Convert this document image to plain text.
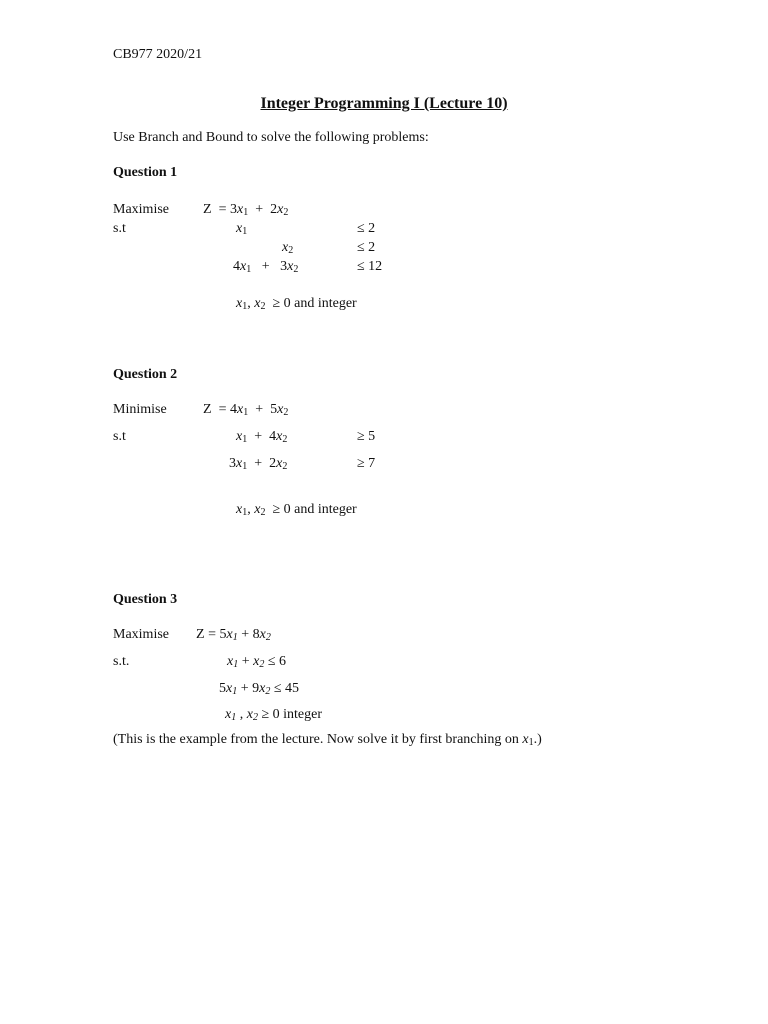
CB977 2020/21
Integer Programming I (Lecture 10)
Use Branch and Bound to solve the following problems:
Question 1
Maximise $Z = 3x_1 + 2x_2$
s.t	$x_1$	≤ 2
$x_2$	≤ 2
$4x_1 + 3x_2$	≤ 12
$x_1$, $x_2 \ge 0$ and integer
Question 2
Minimise	$Z = 4x_1 + 5x_2$
s.t	$x_1 + 4x_2$	≥ 5
$3x_1 + 2x_2$	≥ 7
$x_1$, $x_2 \ge 0$ and integer
Question 3
Maximise $Z = 5x_1 + 8x_2$
s.t.	$x_1 + x_2 \le 6$
$5x_1 + 9x_2 \le 45$
$x_1$ , $x_2 \ge 0$ integer
(This is the example from the lecture. Now solve it by first branching on $x_1$.)
